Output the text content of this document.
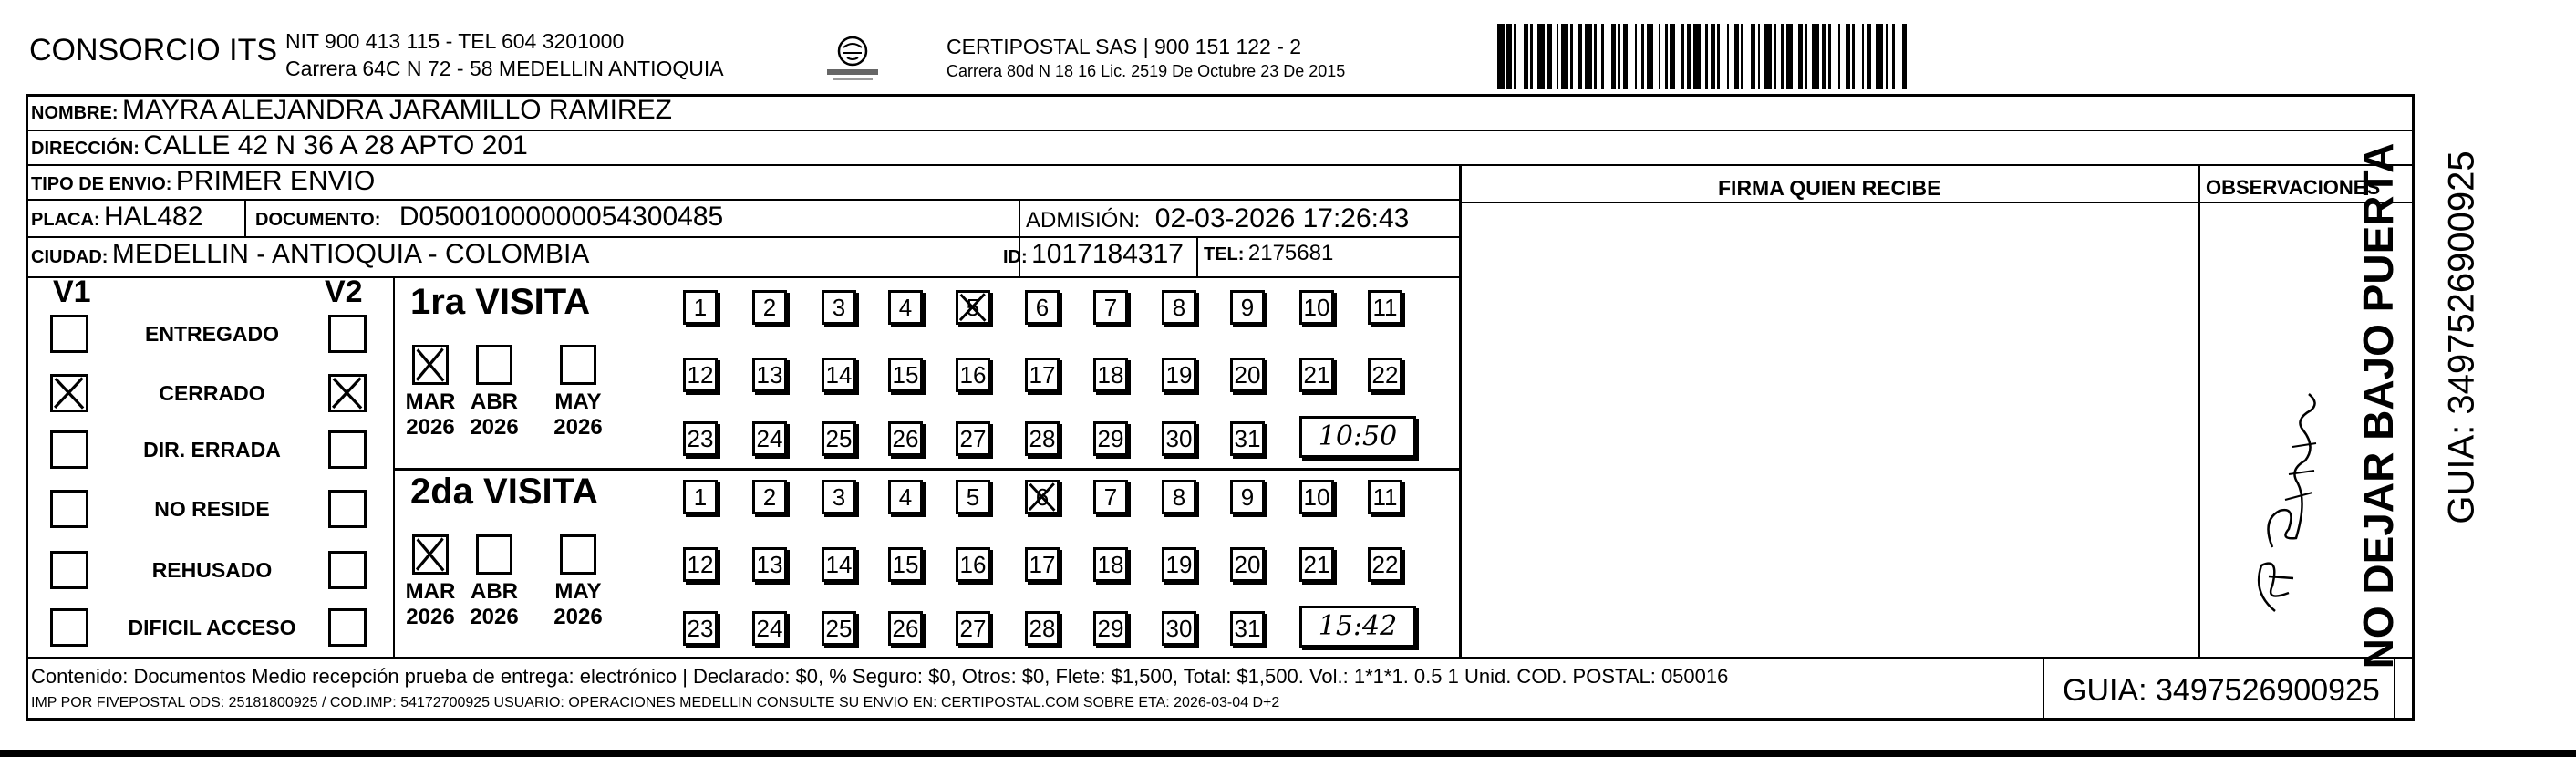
CONSORCIO ITS NIT 900 413 115 - TEL 604 3201000
Carrera 64C N 72 - 58 MEDELLIN ANTIOQUIA
CERTIPOSTAL SAS | 900 151 122 - 2
Carrera 80d N 18 16 Lic. 2519 De Octubre 23 De 2015
NOMBRE: MAYRA ALEJANDRA JARAMILLO RAMIREZ
DIRECCIÓN: CALLE 42 N 36 A 28 APTO 201
TIPO DE ENVIO: PRIMER ENVIO
PLACA: HAL482	DOCUMENTO: D05001000000054300485	ADMISIÓN: 02-03-2026 17:26:43
CIUDAD: MEDELLIN - ANTIOQUIA - COLOMBIA	ID: 1017184317 TEL: 2175681
FIRMA QUIEN RECIBE	OBSERVACIONES
V1	V2
ENTREGADO
CERRADO
DIR. ERRADA
NO RESIDE
REHUSADO
DIFICIL ACCESO
1ra VISITA
MAR
2026
ABR
2026
MAY
2026
1	2	3	4	5	6	7	8	9	10 11
12 13 14 15 16 17 18 19 20 21 22
23 24 25 26 27 28 29 30 31	10:50
2da VISITA
MAR
2026
ABR
2026
MAY
2026
1	2	3	4	5	6	7	8	9	10 11
12 13 14 15 16 17 18 19 20 21 22
23 24 25 26 27 28 29 30 31	15:42
Contenido: Documentos Medio recepción prueba de entrega: electrónico | Declarado: $0, % Seguro: $0, Otros: $0, Flete: $1,500, Total: $1,500. Vol.: 1*1*1. 0.5 1 Unid. COD. POSTAL: 050016
IMP POR FIVEPOSTAL ODS: 25181800925 / COD.IMP: 54172700925 USUARIO: OPERACIONES MEDELLIN CONSULTE SU ENVIO EN: CERTIPOSTAL.COM SOBRE ETA: 2026-03-04 D+2	GUIA: 3497526900925
NO DEJAR BAJO PUERTA GUIA: 3497526900925
